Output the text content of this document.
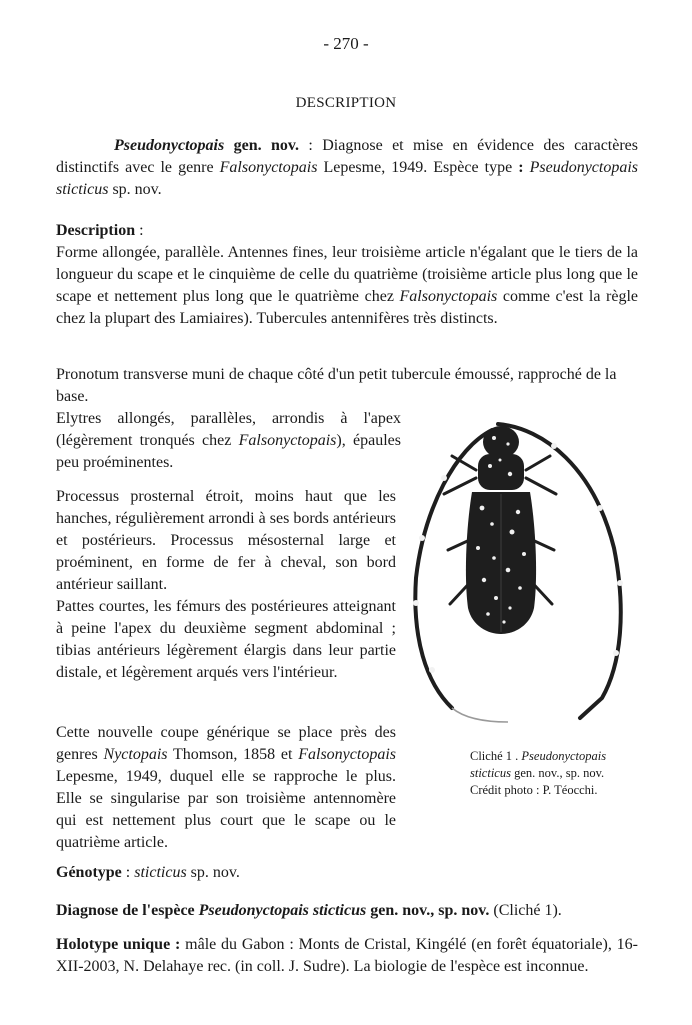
- 270 -
DESCRIPTION
Pseudonyctopais gen. nov. : Diagnose et mise en évidence des caractères distinctifs avec le genre Falsonyctopais Lepesme, 1949. Espèce type : Pseudonyctopais sticticus sp. nov.
Description :
Forme allongée, parallèle. Antennes fines, leur troisième article n'égalant que le tiers de la longueur du scape et le cinquième de celle du quatrième (troisième article plus long que le scape et nettement plus long que le quatrième chez Falsonyctopais comme c'est la règle chez la plupart des Lamiaires). Tubercules antennifères très distincts.
Pronotum transverse muni de chaque côté d'un petit tubercule émoussé, rapproché de la base.
Elytres allongés, parallèles, arrondis à l'apex (légèrement tronqués chez Falsonyctopais), épaules peu proéminentes.
Processus prosternal étroit, moins haut que les hanches, régulièrement arrondi à ses bords antérieurs et postérieurs. Processus mésosternal large et proéminent, en forme de fer à cheval, son bord antérieur saillant.
Pattes courtes, les fémurs des postérieures atteignant à peine l'apex du deuxième segment abdominal ; tibias antérieurs légèrement élargis dans leur partie distale, et légèrement arqués vers l'intérieur.
Cette nouvelle coupe générique se place près des genres Nyctopais Thomson, 1858 et Falsonyctopais Lepesme, 1949, duquel elle se rapproche le plus. Elle se singularise par son troisième antennomère qui est nettement plus court que le scape ou le quatrième article.
Cliché 1 . Pseudonyctopais sticticus gen. nov., sp. nov.
Crédit photo : P. Téocchi.
Génotype : sticticus sp. nov.
Diagnose de l'espèce Pseudonyctopais sticticus gen. nov., sp. nov. (Cliché 1).
Holotype unique : mâle du Gabon : Monts de Cristal, Kingélé (en forêt équatoriale), 16-XII-2003, N. Delahaye rec. (in coll. J. Sudre). La biologie de l'espèce est inconnue.
